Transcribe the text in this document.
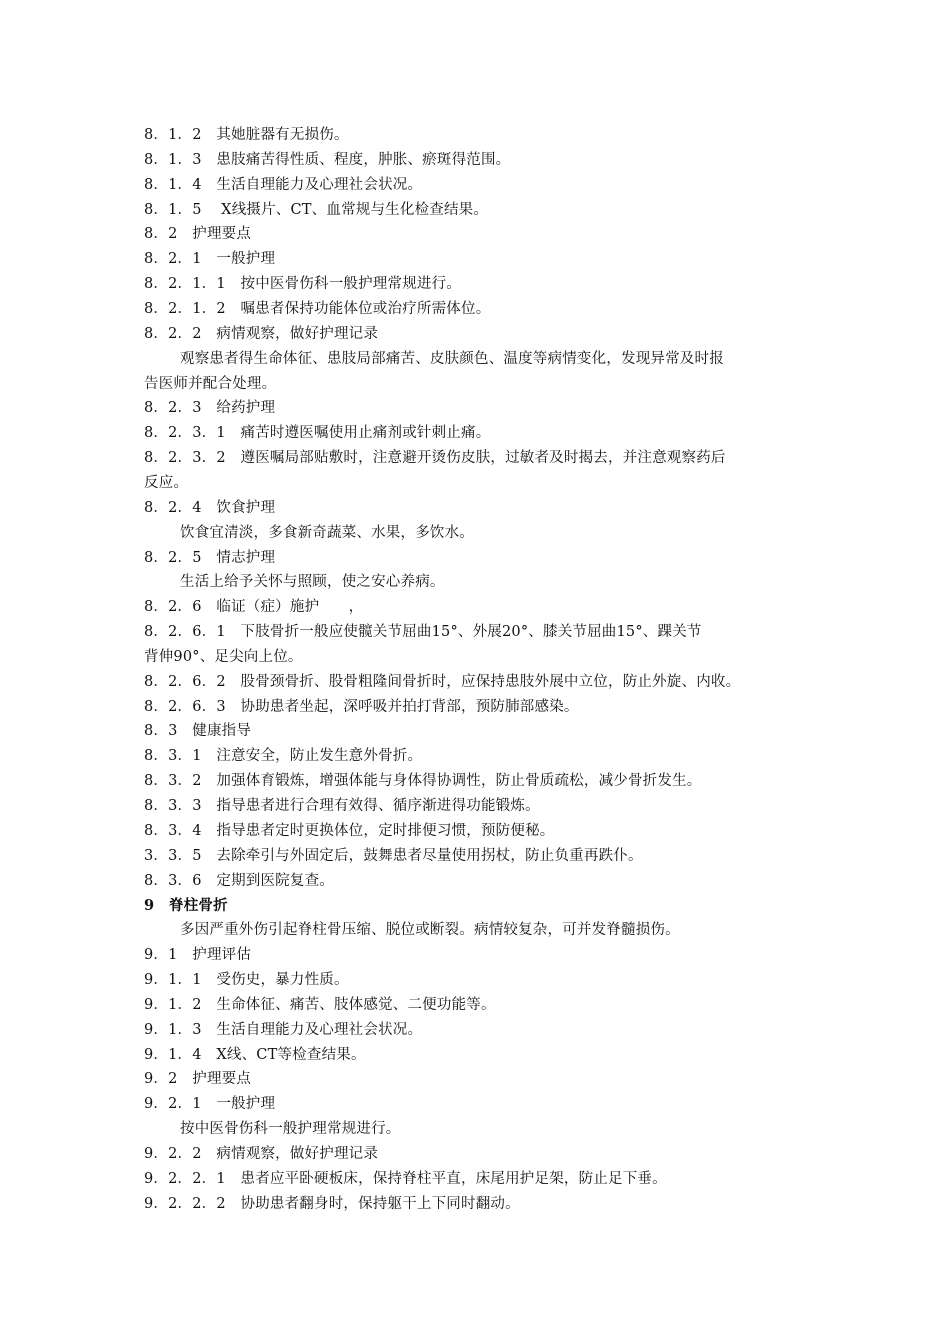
8．1．2　其她脏器有无损伤。
8．1．3　患肢痛苦得性质、程度，肿胀、瘀斑得范围。
8．1．4　生活自理能力及心理社会状况。
8．1．5　 X线摄片、CT、血常规与生化检查结果。
8．2　护理要点
8．2．1　一般护理
8．2．1．1　按中医骨伤科一般护理常规进行。
8．2．1．2　嘱患者保持功能体位或治疗所需体位。
8．2．2　病情观察，做好护理记录
观察患者得生命体征、患肢局部痛苦、皮肤颜色、温度等病情变化，发现异常及时报
告医师并配合处理。
8．2．3　给药护理
8．2．3．1　痛苦时遵医嘱使用止痛剂或针刺止痛。
8．2．3．2　遵医嘱局部贴敷时，注意避开烫伤皮肤，过敏者及时揭去，并注意观察药后
反应。
8．2．4　饮食护理
饮食宜清淡，多食新奇蔬菜、水果，多饮水。
8．2．5　情志护理
生活上给予关怀与照顾，使之安心养病。
8．2．6　临证（症）施护　　，
8．2．6．1　下肢骨折一般应使髋关节屈曲15°、外展20°、膝关节屈曲15°、踝关节
背伸90°、足尖向上位。
8．2．6．2　股骨颈骨折、股骨粗隆间骨折时，应保持患肢外展中立位，防止外旋、内收。
8．2．6．3　协助患者坐起，深呼吸并拍打背部，预防肺部感染。
8．3　健康指导
8．3．1　注意安全，防止发生意外骨折。
8．3．2　加强体育锻炼，增强体能与身体得协调性，防止骨质疏松，减少骨折发生。
8．3．3　指导患者进行合理有效得、循序渐进得功能锻炼。
8．3．4　指导患者定时更换体位，定时排便习惯，预防便秘。
3．3．5　去除牵引与外固定后，鼓舞患者尽量使用拐杖，防止负重再跌仆。
8．3．6　定期到医院复查。
9　脊柱骨折
多因严重外伤引起脊柱骨压缩、脱位或断裂。病情较复杂，可并发脊髓损伤。
9．1　护理评估
9．1．1　受伤史，暴力性质。
9．1．2　生命体征、痛苦、肢体感觉、二便功能等。
9．1．3　生活自理能力及心理社会状况。
9．1．4　X线、CT等检查结果。
9．2　护理要点
9．2．1　一般护理
按中医骨伤科一般护理常规进行。
9．2．2　病情观察，做好护理记录
9．2．2．1　患者应平卧硬板床，保持脊柱平直，床尾用护足架，防止足下垂。
9．2．2．2　协助患者翻身时，保持躯干上下同时翻动。
